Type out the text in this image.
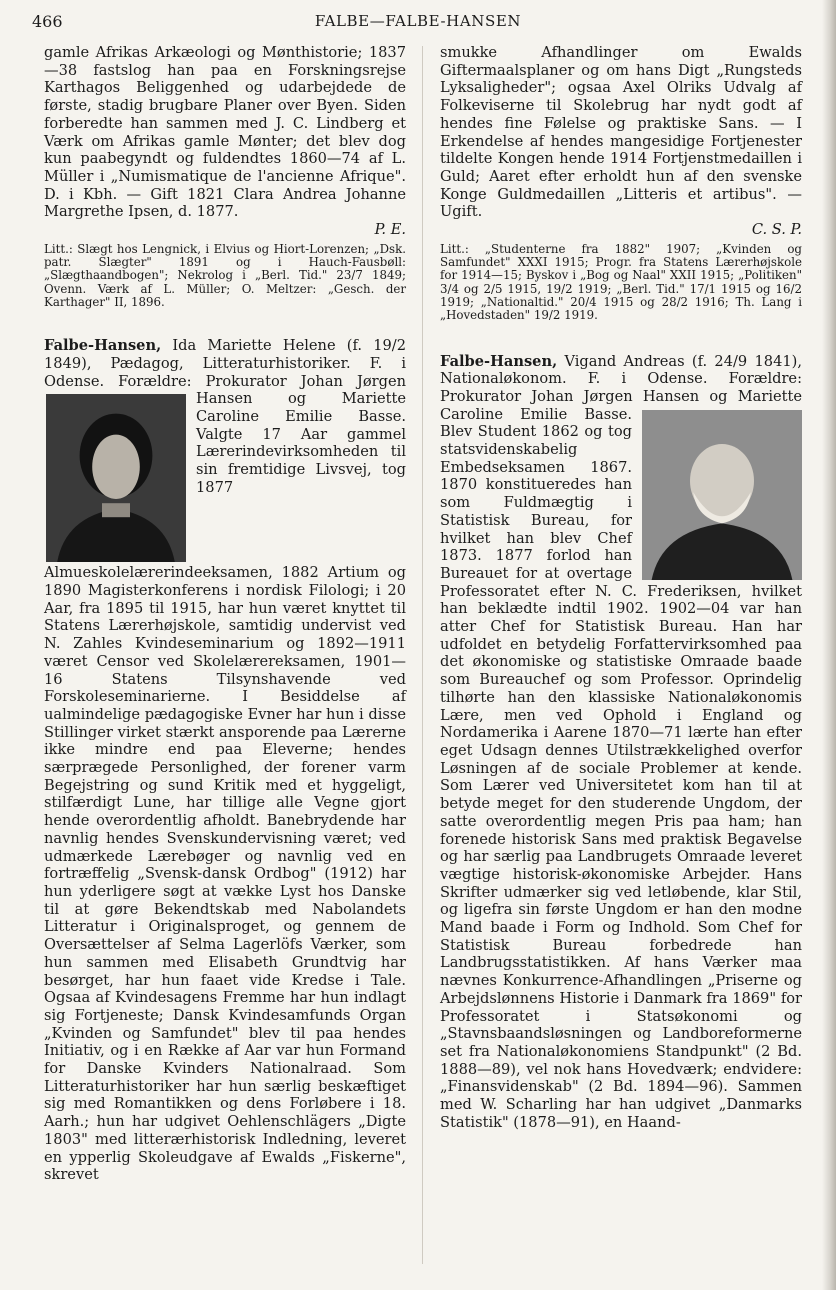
466	FALBE—FALBE-HANSEN

gamle Afrikas Arkæologi og Mønthistorie; 1837—38 fastslog han paa en Forskningsrejse Karthagos Beliggenhed og udarbejdede de første, stadig brugbare Planer over Byen. Siden forberedte han sammen med J. C. Lindberg et Værk om Afrikas gamle Mønter; det blev dog kun paabegyndt og fuldendtes 1860—74 af L. Müller i „Numismatique de l'ancienne Afrique". D. i Kbh. — Gift 1821 Clara Andrea Johanne Margrethe Ipsen, d. 1877.

P. E.

Litt.: Slægt hos Lengnick, i Elvius og Hiort-Lorenzen; „Dsk. patr. Slægter" 1891 og i Hauch-Fausbøll: „Slægthaandbogen"; Nekrolog i „Berl. Tid." 23/7 1849; Ovenn. Værk af L. Müller; O. Meltzer: „Gesch. der Karthager" II, 1896.

Falbe-Hansen, Ida Mariette Helene (f. 19/2 1849), Pædagog, Litteraturhistoriker. F. i Odense. Forældre: Prokurator Johan
Jørgen Hansen og Mariette Caroline Emilie Basse. Valgte 17 Aar gammel Lærerindevirksomheden til sin fremtidige Livsvej, tog 1877 Almueskolelærerindeeksamen, 1882 Artium og 1890 Magisterkonferens i nordisk Filologi; i 20 Aar, fra 1895 til 1915, har hun været knyttet til Statens Lærerhøjskole, samtidig undervist ved N. Zahles Kvindeseminarium og 1892—1911 været Censor ved Skolelærereksamen, 1901—16 Statens Tilsynshavende ved Forskoleseminarierne. I Besiddelse af ualmindelige pædagogiske Evner har hun i disse Stillinger virket stærkt ansporende paa Lærerne ikke mindre end paa Eleverne; hendes særprægede Personlighed, der forener varm Begejstring og sund Kritik med et hyggeligt, stilfærdigt Lune, har tillige alle Vegne gjort hende overordentlig afholdt. Banebrydende har navnlig hendes Svenskundervisning været; ved udmærkede Lærebøger og navnlig ved en fortræffelig „Svensk-dansk Ordbog" (1912) har hun yderligere søgt at vække Lyst hos Danske til at gøre Bekendtskab med Nabolandets Litteratur i Originalsproget, og gennem de Oversættelser af Selma Lagerlöfs Værker, som hun sammen med Elisabeth Grundtvig har besørget, har hun faaet vide Kredse i Tale. Ogsaa af Kvindesagens Fremme har hun indlagt sig Fortjeneste; Dansk Kvindesamfunds Organ „Kvinden og Samfundet" blev til paa hendes Initiativ, og i en Række af Aar var hun Formand for Danske Kvinders Nationalraad. Som Litteraturhistoriker har hun særlig beskæftiget sig med Romantikken og dens Forløbere i 18. Aarh.; hun har udgivet Oehlenschlägers „Digte 1803" med litterærhistorisk Indledning, leveret en ypperlig Skoleudgave af Ewalds „Fiskerne", skrevet

smukke Afhandlinger om Ewalds Giftermaalsplaner og om hans Digt „Rungsteds Lyksaligheder"; ogsaa Axel Olriks Udvalg af Folkeviserne til Skolebrug har nydt godt af hendes fine Følelse og praktiske Sans. — I Erkendelse af hendes mangesidige Fortjenester tildelte Kongen hende 1914 Fortjenstmedaillen i Guld; Aaret efter erholdt hun af den svenske Konge Guldmedaillen „Litteris et artibus". — Ugift.

C. S. P.

Litt.: „Studenterne fra 1882" 1907; „Kvinden og Samfundet" XXXI 1915; Progr. fra Statens Lærerhøjskole for 1914—15; Byskov i „Bog og Naal" XXII 1915; „Politiken" 3/4 og 2/5 1915, 19/2 1919; „Berl. Tid." 17/1 1915 og 16/2 1919; „Nationaltid." 20/4 1915 og 28/2 1916; Th. Lang i „Hovedstaden" 19/2 1919.

Falbe-Hansen, Vigand Andreas (f. 24/9 1841), Nationaløkonom. F. i Odense. Forældre: Prokurator Johan Jørgen Hansen
og Mariette Caroline Emilie Basse. Blev Student 1862 og tog statsvidenskabelig Embedseksamen 1867. 1870 konstitueredes han som Fuldmægtig i Statistisk Bureau, for hvilket han blev Chef 1873. 1877 forlod han Bureauet for at overtage Professoratet efter N. C. Frederiksen, hvilket han beklædte indtil 1902. 1902—04 var han atter Chef for Statistisk Bureau. Han har udfoldet en betydelig Forfattervirksomhed paa det økonomiske og statistiske Omraade baade som Bureauchef og som Professor. Oprindelig tilhørte han den klassiske Nationaløkonomis Lære, men ved Ophold i England og Nordamerika i Aarene 1870—71 lærte han efter eget Udsagn dennes Utilstrækkelighed overfor Løsningen af de sociale Problemer at kende. Som Lærer ved Universitetet kom han til at betyde meget for den studerende Ungdom, der satte overordentlig megen Pris paa ham; han forenede historisk Sans med praktisk Begavelse og har særlig paa Landbrugets Omraade leveret vægtige historisk-økonomiske Arbejder. Hans Skrifter udmærker sig ved letløbende, klar Stil, og ligefra sin første Ungdom er han den modne Mand baade i Form og Indhold. Som Chef for Statistisk Bureau forbedrede han Landbrugsstatistikken. Af hans Værker maa nævnes Konkurrence-Afhandlingen „Priserne og Arbejdslønnens Historie i Danmark fra 1869" for Professoratet i Statsøkonomi og „Stavnsbaandsløsningen og Landboreformerne set fra Nationaløkonomiens Standpunkt" (2 Bd. 1888—89), vel nok hans Hovedværk; endvidere: „Finansvidenskab" (2 Bd. 1894—96). Sammen med W. Scharling har han udgivet „Danmarks Statistik" (1878—91), en Haand-
